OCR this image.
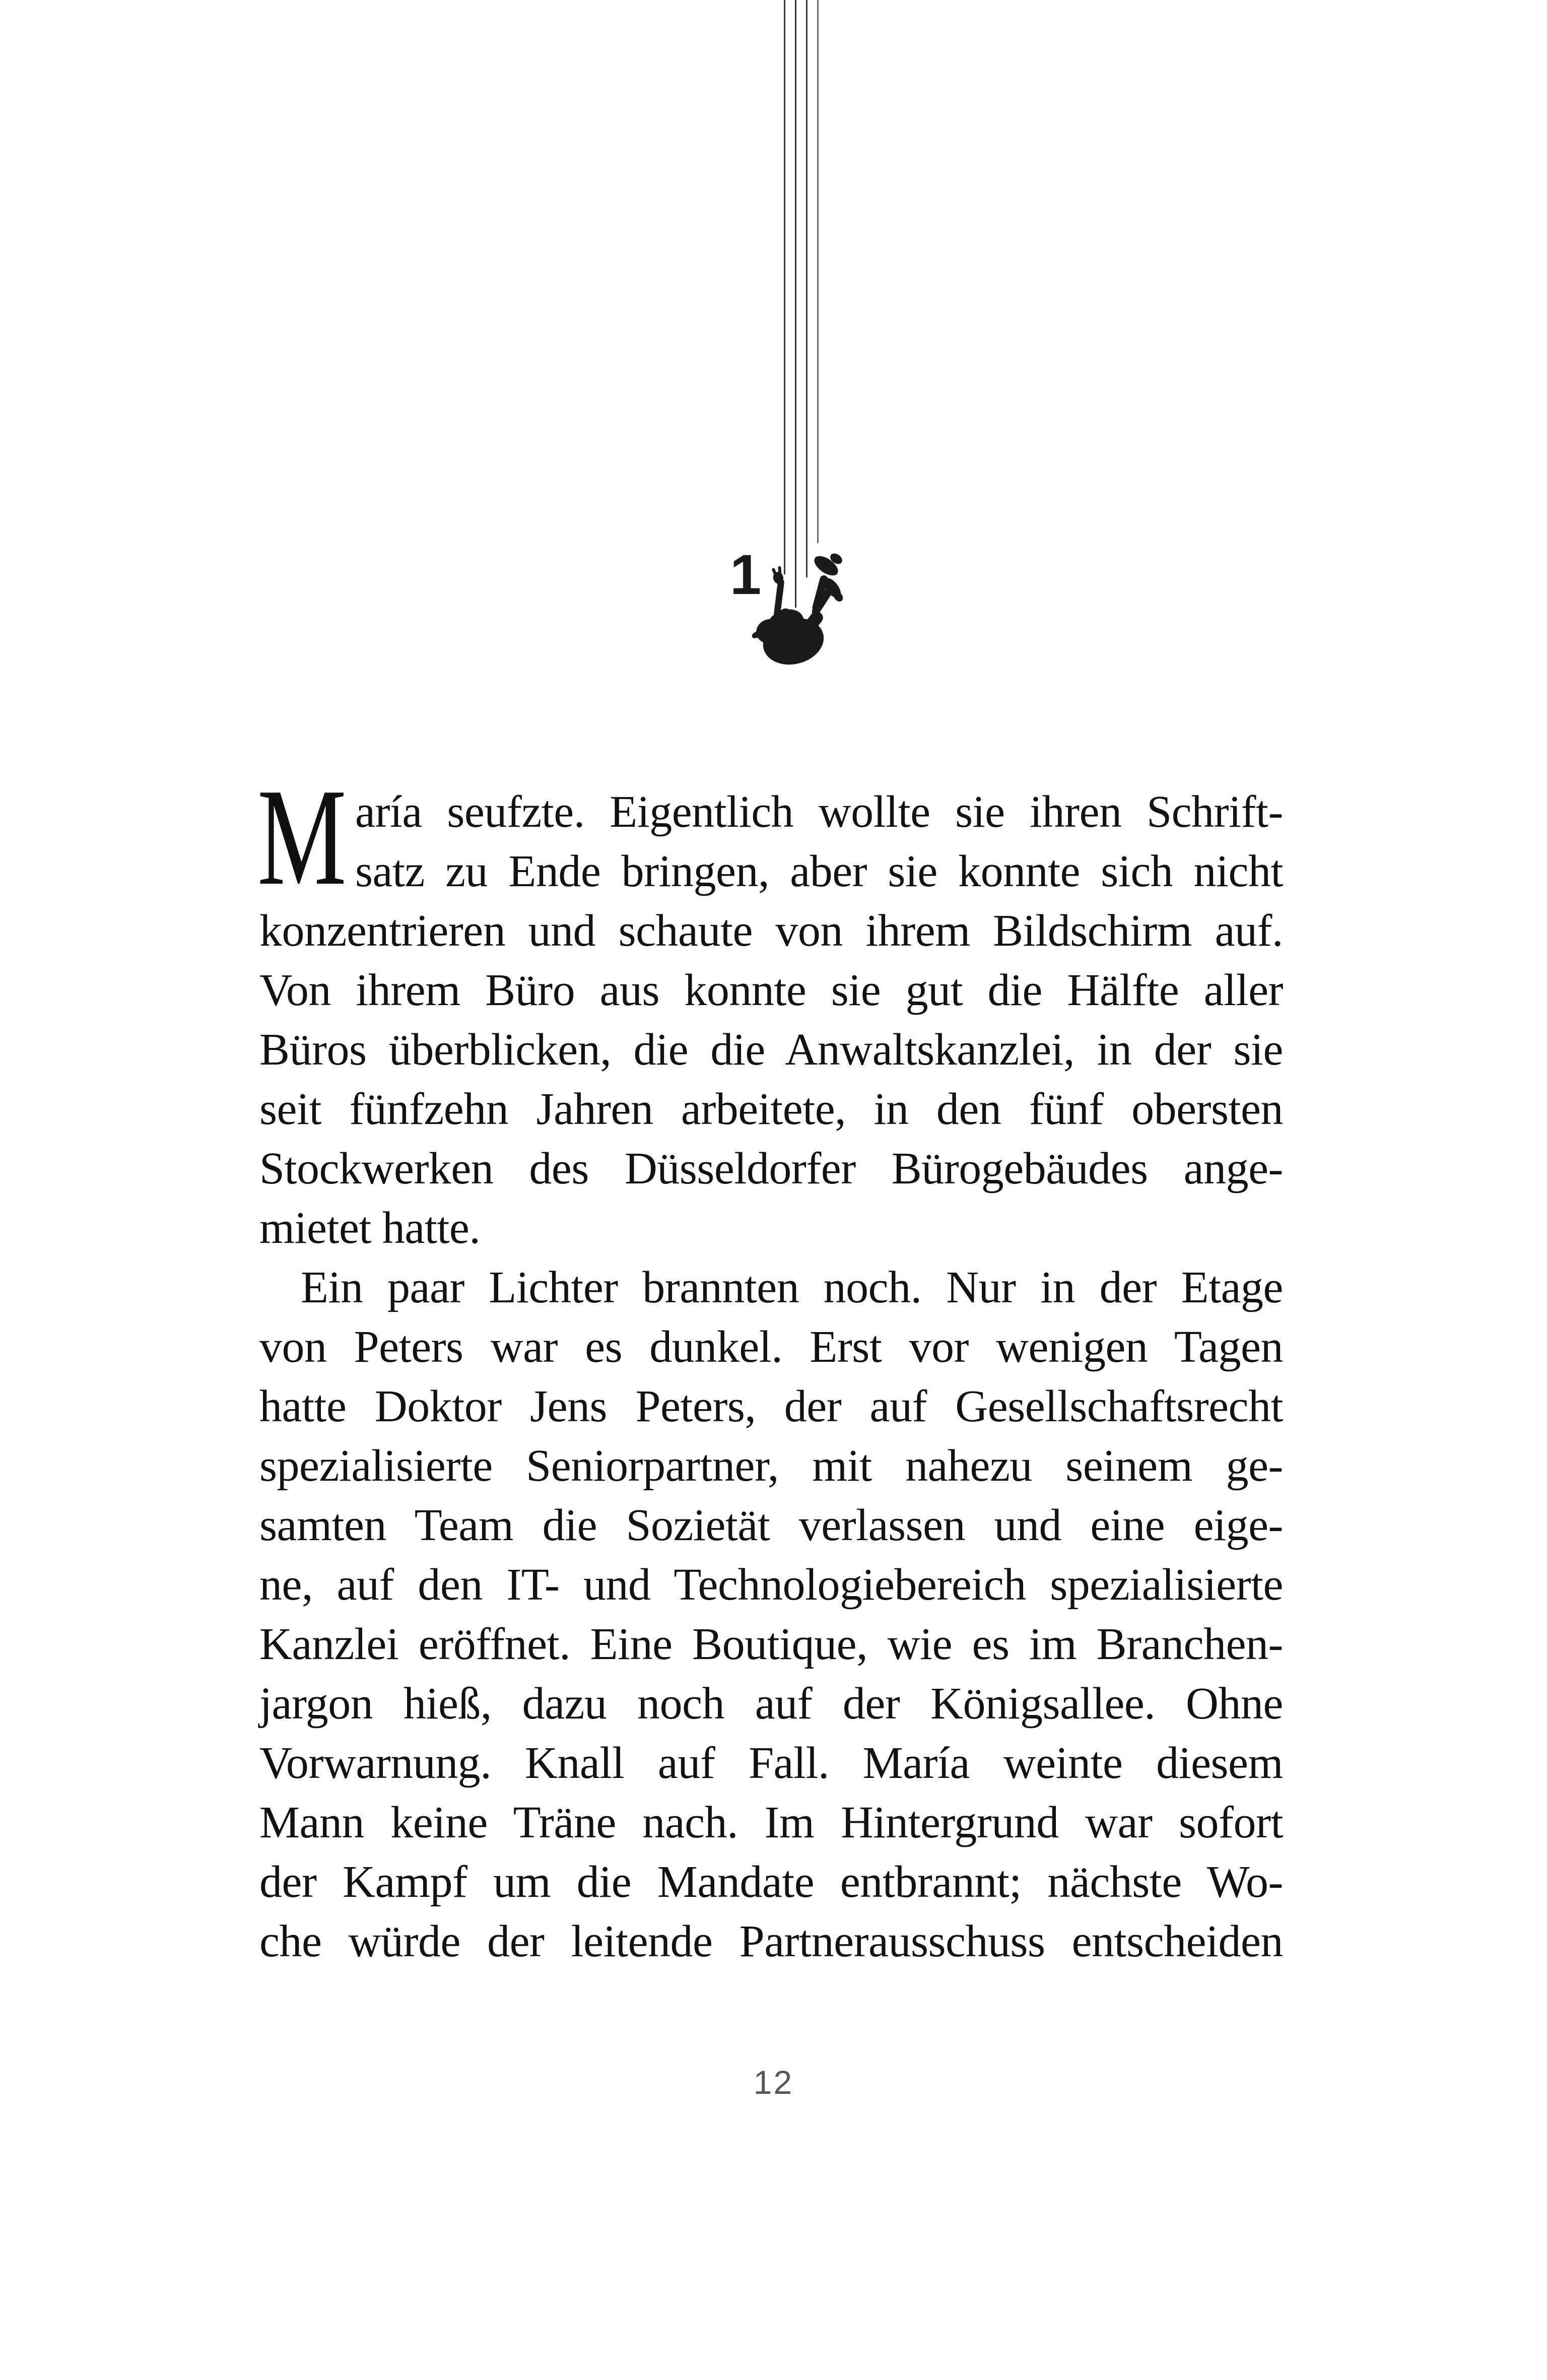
1
M aría seufzte. Eigentlich wollte sie ihren Schrift-
satz zu Ende bringen, aber sie konnte sich nicht
konzentrieren und schaute von ihrem Bildschirm auf.
Von ihrem Büro aus konnte sie gut die Hälfte aller
Büros überblicken, die die Anwaltskanzlei, in der sie
seit fünfzehn Jahren arbeitete, in den fünf obersten
Stockwerken des Düsseldorfer Bürogebäudes ange-
mietet hatte.
Ein paar Lichter brannten noch. Nur in der Etage
von Peters war es dunkel. Erst vor wenigen Tagen
hatte Doktor Jens Peters, der auf Gesellschaftsrecht
spezialisierte Seniorpartner, mit nahezu seinem ge-
samten Team die Sozietät verlassen und eine eige-
ne, auf den IT- und Technologiebereich spezialisierte
Kanzlei eröffnet. Eine Boutique, wie es im Branchen-
jargon hieß, dazu noch auf der Königsallee. Ohne
Vorwarnung. Knall auf Fall. María weinte diesem
Mann keine Träne nach. Im Hintergrund war sofort
der Kampf um die Mandate entbrannt; nächste Wo-
che würde der leitende Partnerausschuss entscheiden
12
